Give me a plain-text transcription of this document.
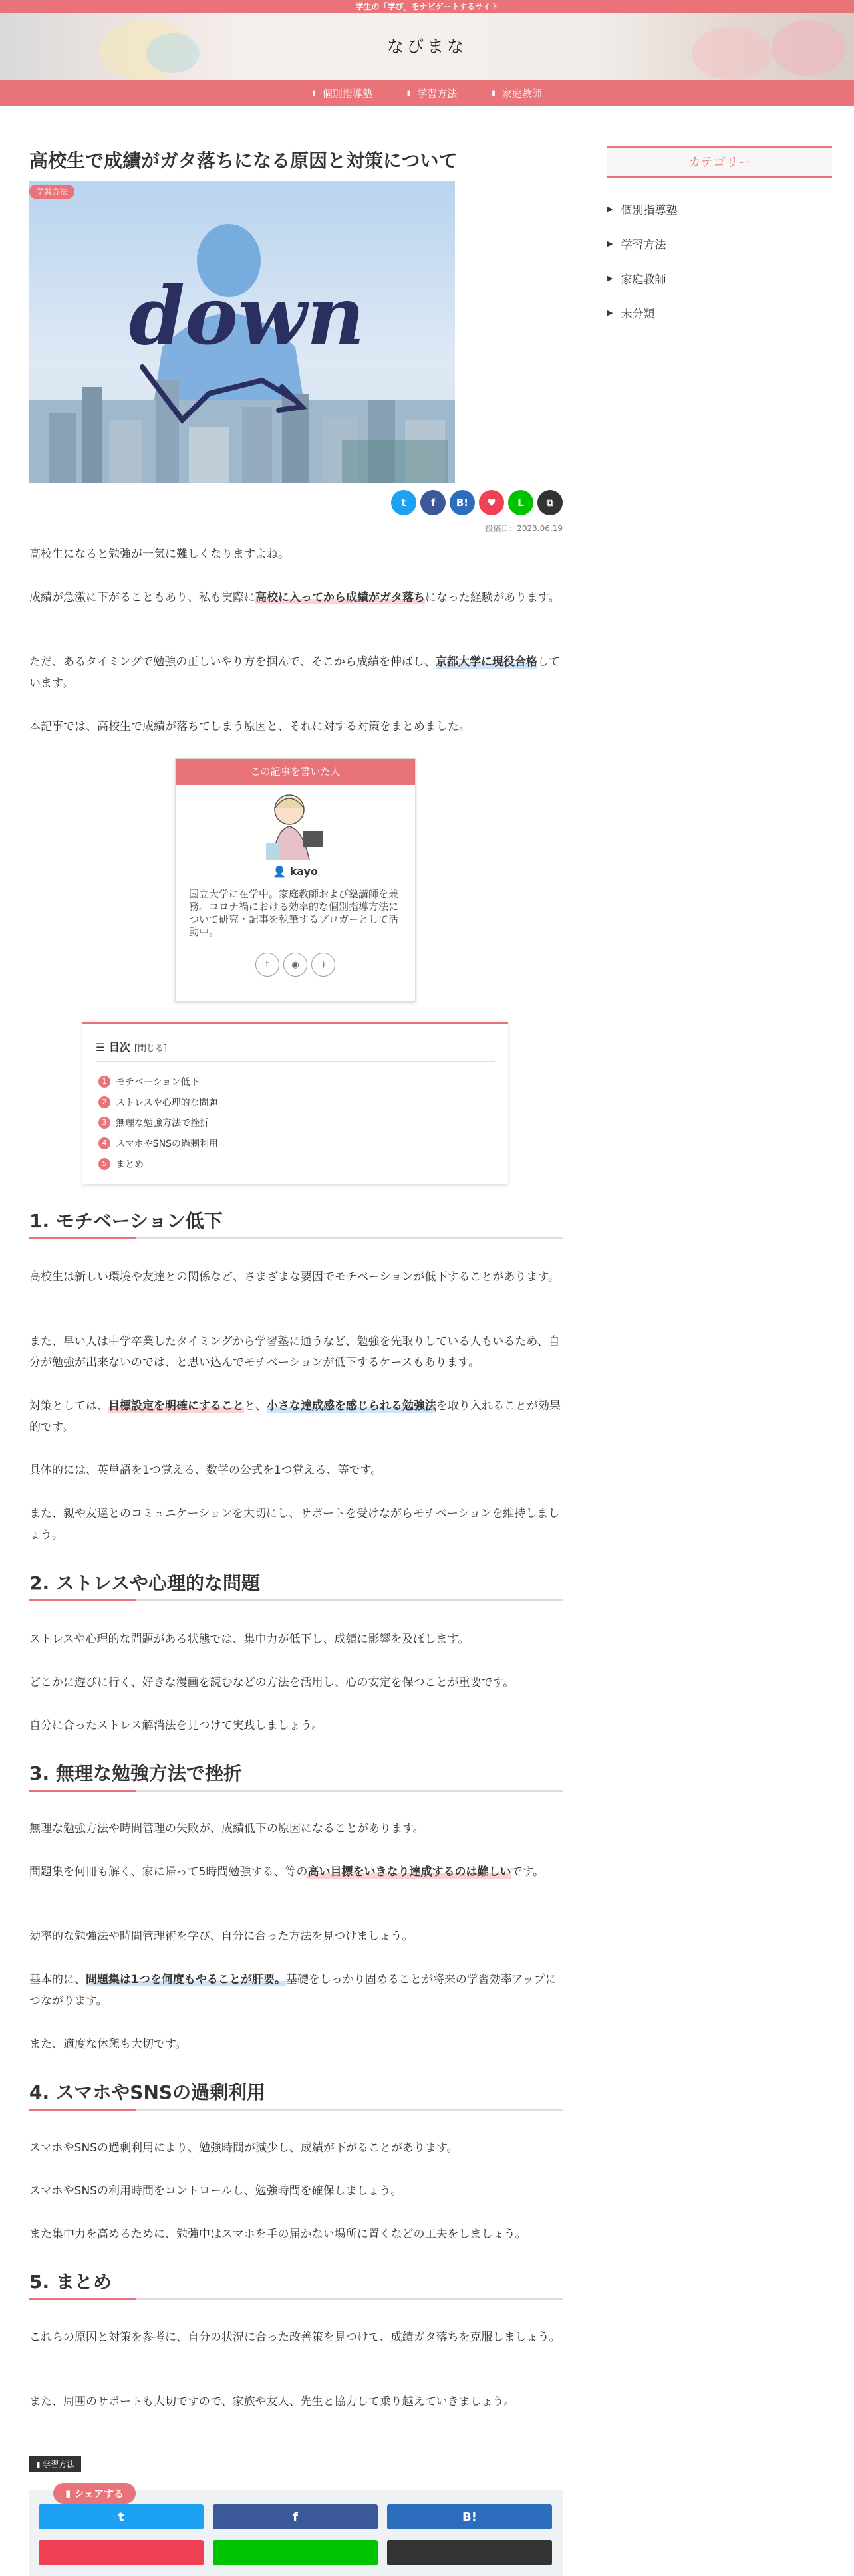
学生の「学び」をナビゲートするサイト
なびまな
▮ 個別指導塾	▮ 学習方法	▮ 家庭教師
高校生で成績がガタ落ちになる原因と対策について
学習方法
down
t	f	B!	♥	L	⧉
投稿日：2023.06.19

高校生になると勉強が一気に難しくなりますよね。

成績が急激に下がることもあり、私も実際に高校に入ってから成績がガタ落ちになった経験があります。

ただ、あるタイミングで勉強の正しいやり方を掴んで、そこから成績を伸ばし、京都大学に現役合格しています。

本記事では、高校生で成績が落ちてしまう原因と、それに対する対策をまとめました。

この記事を書いた人
👤 kayo
国立大学に在学中。家庭教師および塾講師を兼務。コロナ禍における効率的な個別指導方法について研究・記事を執筆するブロガーとして活動中。
t	◉	)
☰ 目次 [閉じる]
1 モチベーション低下
2 ストレスや心理的な問題
3 無理な勉強方法で挫折
4 スマホやSNSの過剰利用
5 まとめ
1. モチベーション低下

高校生は新しい環境や友達との関係など、さまざまな要因でモチベーションが低下することがあります。

また、早い人は中学卒業したタイミングから学習塾に通うなど、勉強を先取りしている人もいるため、自分が勉強が出来ないのでは、と思い込んでモチベーションが低下するケースもあります。

対策としては、目標設定を明確にすることと、小さな達成感を感じられる勉強法を取り入れることが効果的です。

具体的には、英単語を1つ覚える、数学の公式を1つ覚える、等です。

また、親や友達とのコミュニケーションを大切にし、サポートを受けながらモチベーションを維持しましょう。

2. ストレスや心理的な問題

ストレスや心理的な問題がある状態では、集中力が低下し、成績に影響を及ぼします。

どこかに遊びに行く、好きな漫画を読むなどの方法を活用し、心の安定を保つことが重要です。

自分に合ったストレス解消法を見つけて実践しましょう。

3. 無理な勉強方法で挫折

無理な勉強方法や時間管理の失敗が、成績低下の原因になることがあります。

問題集を何冊も解く、家に帰って5時間勉強する、等の高い目標をいきなり達成するのは難しいです。

効率的な勉強法や時間管理術を学び、自分に合った方法を見つけましょう。

基本的に、問題集は1つを何度もやることが肝要。基礎をしっかり固めることが将来の学習効率アップにつながります。

また、適度な休憩も大切です。

4. スマホやSNSの過剰利用

スマホやSNSの過剰利用により、勉強時間が減少し、成績が下がることがあります。

スマホやSNSの利用時間をコントロールし、勉強時間を確保しましょう。

また集中力を高めるために、勉強中はスマホを手の届かない場所に置くなどの工夫をしましょう。

5. まとめ

これらの原因と対策を参考に、自分の状況に合った改善策を見つけて、成績ガタ落ちを克服しましょう。

また、周囲のサポートも大切ですので、家族や友人、先生と協力して乗り越えていきましょう。

▮ 学習方法
▮ シェアする
t	f	B!
カテゴリー
▶ 個別指導塾
▶ 学習方法
▶ 家庭教師
▶ 未分類
